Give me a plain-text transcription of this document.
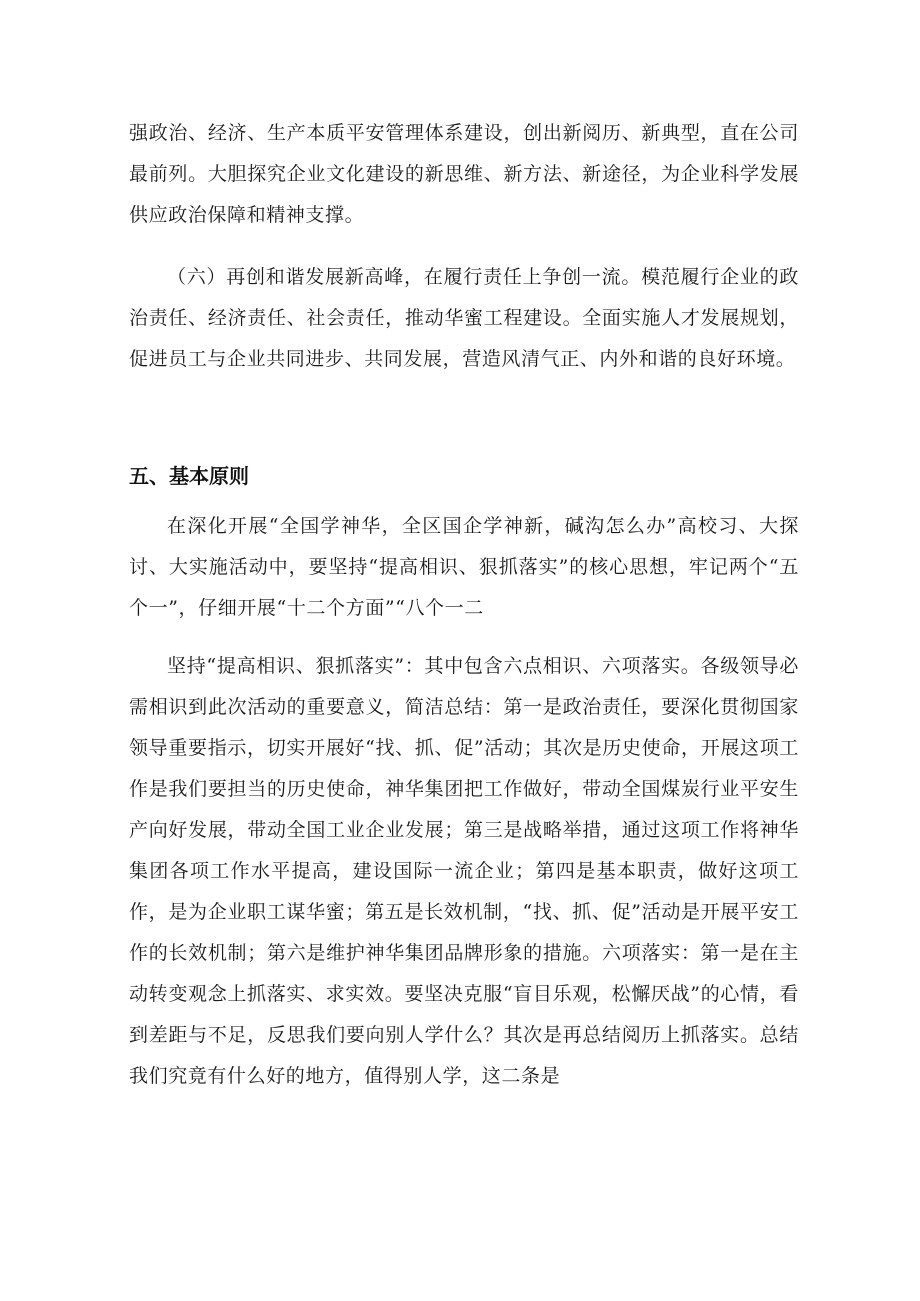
强政治、经济、生产本质平安管理体系建设，创出新阅历、新典型，直在公司最前列。大胆探究企业文化建设的新思维、新方法、新途径，为企业科学发展供应政治保障和精神支撑。

（六）再创和谐发展新高峰，在履行责任上争创一流。模范履行企业的政治责任、经济责任、社会责任，推动华蜜工程建设。全面实施人才发展规划，促进员工与企业共同进步、共同发展，营造风清气正、内外和谐的良好环境。

五、基本原则

在深化开展“全国学神华，全区国企学神新，碱沟怎么办”高校习、大探讨、大实施活动中，要坚持“提高相识、狠抓落实”的核心思想，牢记两个“五个一”，仔细开展“十二个方面”“八个一二

坚持“提高相识、狠抓落实”：其中包含六点相识、六项落实。各级领导必需相识到此次活动的重要意义，简洁总结：第一是政治责任，要深化贯彻国家领导重要指示，切实开展好“找、抓、促”活动；其次是历史使命，开展这项工作是我们要担当的历史使命，神华集团把工作做好，带动全国煤炭行业平安生产向好发展，带动全国工业企业发展；第三是战略举措，通过这项工作将神华集团各项工作水平提高，建设国际一流企业；第四是基本职责，做好这项工作，是为企业职工谋华蜜；第五是长效机制，“找、抓、促”活动是开展平安工作的长效机制；第六是维护神华集团品牌形象的措施。六项落实：第一是在主动转变观念上抓落实、求实效。要坚决克服“盲目乐观，松懈厌战”的心情，看到差距与不足，反思我们要向别人学什么？其次是再总结阅历上抓落实。总结我们究竟有什么好的地方，值得别人学，这二条是
